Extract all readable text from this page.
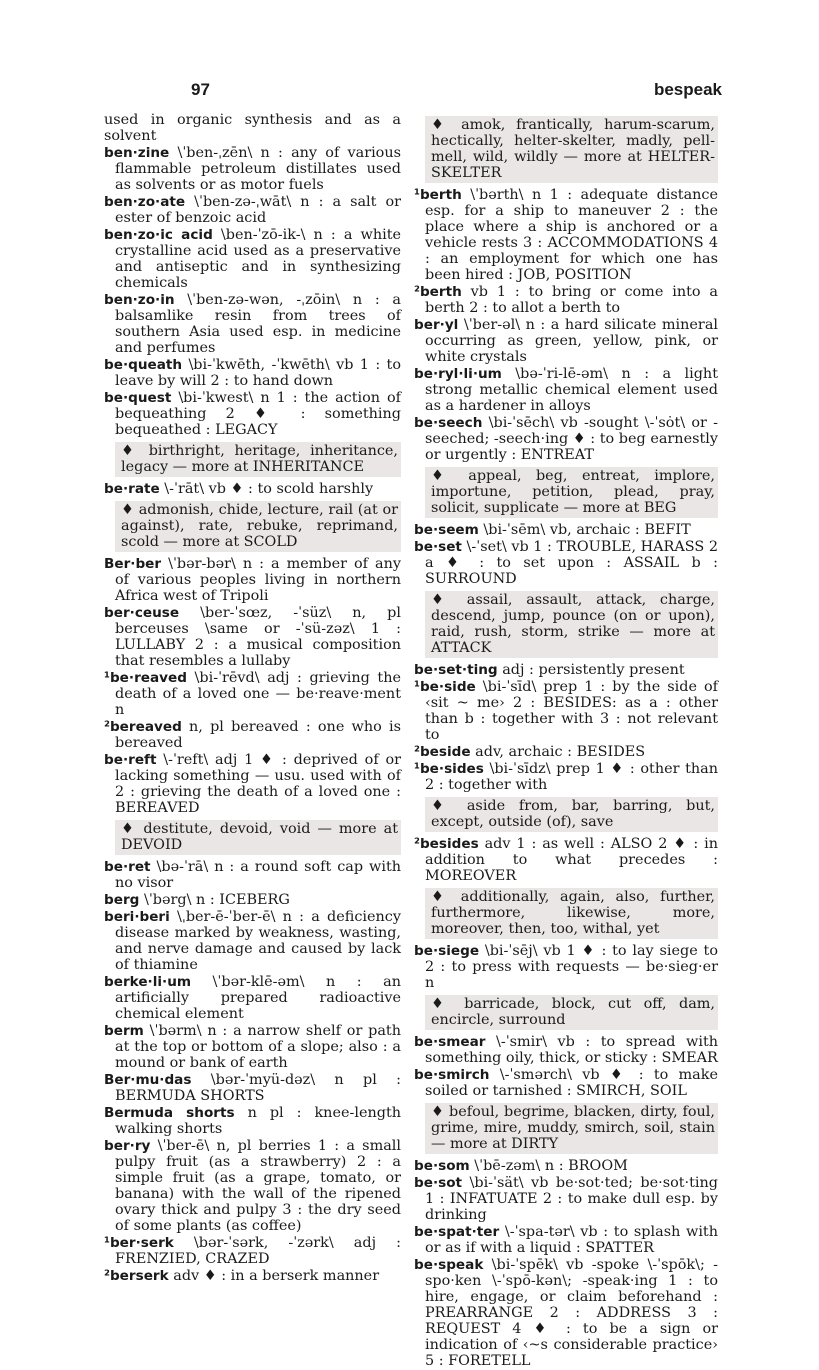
97	bespeak
used in organic synthesis and as a solvent
ben·zine \ˈben-ˌzēn\ n : any of various flammable petroleum distillates used as solvents or as motor fuels
ben·zo·ate \ˈben-zə-ˌwāt\ n : a salt or ester of benzoic acid
ben·zo·ic acid \ben-ˈzō-ik-\ n : a white crystalline acid used as a preservative and antiseptic and in synthesizing chemicals
ben·zo·in \ˈben-zə-wən, -ˌzōin\ n : a balsamlike resin from trees of southern Asia used esp. in medicine and perfumes
be·queath \bi-ˈkwēth, -ˈkwēth\ vb 1 : to leave by will 2 : to hand down
be·quest \bi-ˈkwest\ n 1 : the action of bequeathing 2 ♦ : something bequeathed : LEGACY
♦ birthright, heritage, inheritance, legacy — more at INHERITANCE
be·rate \-ˈrāt\ vb ♦ : to scold harshly
♦ admonish, chide, lecture, rail (at or against), rate, rebuke, reprimand, scold — more at SCOLD
Ber·ber \ˈbər-bər\ n : a member of any of various peoples living in northern Africa west of Tripoli
ber·ceuse \ber-ˈsœz, -ˈsüz\ n, pl berceuses \same or -ˈsü-zəz\ 1 : LULLABY 2 : a musical composition that resembles a lullaby
¹be·reaved \bi-ˈrēvd\ adj : grieving the death of a loved one — be·reave·ment n
²bereaved n, pl bereaved : one who is bereaved
be·reft \-ˈreft\ adj 1 ♦ : deprived of or lacking something — usu. used with of 2 : grieving the death of a loved one : BEREAVED
♦ destitute, devoid, void — more at DEVOID
be·ret \bə-ˈrā\ n : a round soft cap with no visor
berg \ˈbərg\ n : ICEBERG
beri·beri \ˌber-ē-ˈber-ē\ n : a deficiency disease marked by weakness, wasting, and nerve damage and caused by lack of thiamine
berke·li·um \ˈbər-klē-əm\ n : an artificially prepared radioactive chemical element
berm \ˈbərm\ n : a narrow shelf or path at the top or bottom of a slope; also : a mound or bank of earth
Ber·mu·das \bər-ˈmyü-dəz\ n pl : BERMUDA SHORTS
Bermuda shorts n pl : knee-length walking shorts
ber·ry \ˈber-ē\ n, pl berries 1 : a small pulpy fruit (as a strawberry) 2 : a simple fruit (as a grape, tomato, or banana) with the wall of the ripened ovary thick and pulpy 3 : the dry seed of some plants (as coffee)
¹ber·serk \bər-ˈsərk, -ˈzərk\ adj : FRENZIED, CRAZED
²berserk adv ♦ : in a berserk manner
♦ amok, frantically, harum-scarum, hectically, helter-skelter, madly, pell-mell, wild, wildly — more at HELTER-SKELTER
¹berth \ˈbərth\ n 1 : adequate distance esp. for a ship to maneuver 2 : the place where a ship is anchored or a vehicle rests 3 : ACCOMMODATIONS 4 : an employment for which one has been hired : JOB, POSITION
²berth vb 1 : to bring or come into a berth 2 : to allot a berth to
ber·yl \ˈber-əl\ n : a hard silicate mineral occurring as green, yellow, pink, or white crystals
be·ryl·li·um \bə-ˈri-lē-əm\ n : a light strong metallic chemical element used as a hardener in alloys
be·seech \bi-ˈsēch\ vb -sought \-ˈsȯt\ or -seeched; -seech·ing ♦ : to beg earnestly or urgently : ENTREAT
♦ appeal, beg, entreat, implore, importune, petition, plead, pray, solicit, supplicate — more at BEG
be·seem \bi-ˈsēm\ vb, archaic : BEFIT
be·set \-ˈset\ vb 1 : TROUBLE, HARASS 2 a ♦ : to set upon : ASSAIL b : SURROUND
♦ assail, assault, attack, charge, descend, jump, pounce (on or upon), raid, rush, storm, strike — more at ATTACK
be·set·ting adj : persistently present
¹be·side \bi-ˈsīd\ prep 1 : by the side of ‹sit ~ me› 2 : BESIDES: as a : other than b : together with 3 : not relevant to
²beside adv, archaic : BESIDES
¹be·sides \bi-ˈsīdz\ prep 1 ♦ : other than 2 : together with
♦ aside from, bar, barring, but, except, outside (of), save
²besides adv 1 : as well : ALSO 2 ♦ : in addition to what precedes : MOREOVER
♦ additionally, again, also, further, furthermore, likewise, more, moreover, then, too, withal, yet
be·siege \bi-ˈsēj\ vb 1 ♦ : to lay siege to 2 : to press with requests — be·sieg·er n
♦ barricade, block, cut off, dam, encircle, surround
be·smear \-ˈsmir\ vb : to spread with something oily, thick, or sticky : SMEAR
be·smirch \-ˈsmərch\ vb ♦ : to make soiled or tarnished : SMIRCH, SOIL
♦ befoul, begrime, blacken, dirty, foul, grime, mire, muddy, smirch, soil, stain — more at DIRTY
be·som \ˈbē-zəm\ n : BROOM
be·sot \bi-ˈsät\ vb be·sot·ted; be·sot·ting 1 : INFATUATE 2 : to make dull esp. by drinking
be·spat·ter \-ˈspa-tər\ vb : to splash with or as if with a liquid : SPATTER
be·speak \bi-ˈspēk\ vb -spoke \-ˈspōk\; -spo·ken \-ˈspō-kən\; -speak·ing 1 : to hire, engage, or claim beforehand : PREARRANGE 2 : ADDRESS 3 : REQUEST 4 ♦ : to be a sign or indication of ‹~s considerable practice› 5 : FORETELL
